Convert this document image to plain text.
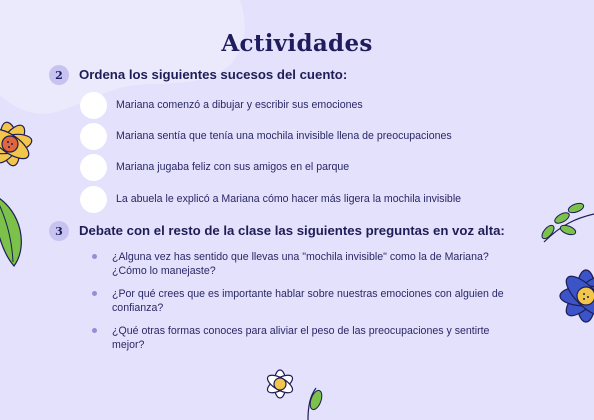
Actividades
2	Ordena los siguientes sucesos del cuento:
Mariana comenzó a dibujar y escribir sus emociones
Mariana sentía que tenía una mochila invisible llena de preocupaciones
Mariana jugaba feliz con sus amigos en el parque
La abuela le explicó a Mariana cómo hacer más ligera la mochila invisible
3	Debate con el resto de la clase las siguientes preguntas en voz alta:
¿Alguna vez has sentido que llevas una "mochila invisible" como la de Mariana? ¿Cómo lo manejaste?
¿Por qué crees que es importante hablar sobre nuestras emociones con alguien de confianza?
¿Qué otras formas conoces para aliviar el peso de las preocupaciones y sentirte mejor?
